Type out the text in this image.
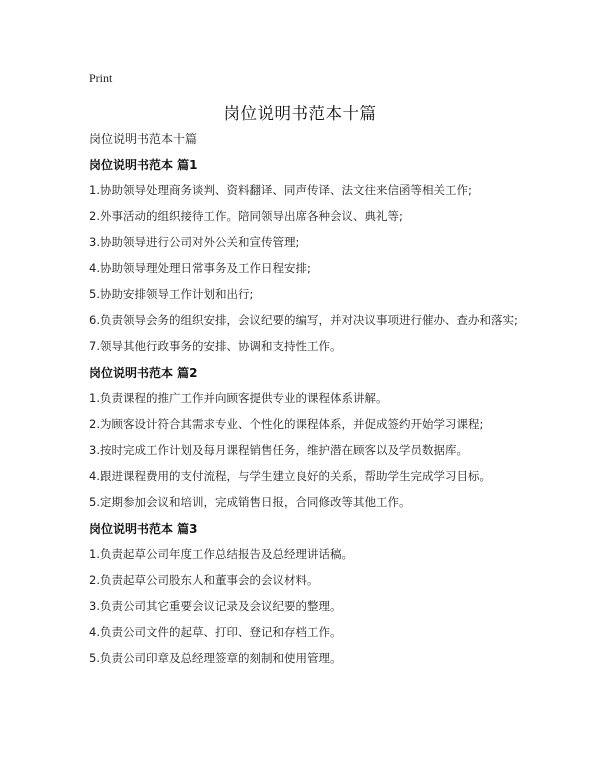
Print
岗位说明书范本十篇
岗位说明书范本十篇
岗位说明书范本 篇1
1.协助领导处理商务谈判、资料翻译、同声传译、法文往来信函等相关工作;
2.外事活动的组织接待工作。陪同领导出席各种会议、典礼等;
3.协助领导进行公司对外公关和宣传管理;
4.协助领导理处理日常事务及工作日程安排;
5.协助安排领导工作计划和出行;
6.负责领导会务的组织安排，会议纪要的编写，并对决议事项进行催办、查办和落实;
7.领导其他行政事务的安排、协调和支持性工作。
岗位说明书范本 篇2
1.负责课程的推广工作并向顾客提供专业的课程体系讲解。
2.为顾客设计符合其需求专业、个性化的课程体系，并促成签约开始学习课程;
3.按时完成工作计划及每月课程销售任务，维护潜在顾客以及学员数据库。
4.跟进课程费用的支付流程，与学生建立良好的关系，帮助学生完成学习目标。
5.定期参加会议和培训，完成销售日报，合同修改等其他工作。
岗位说明书范本 篇3
1.负责起草公司年度工作总结报告及总经理讲话稿。
2.负责起草公司股东人和董事会的会议材料。
3.负责公司其它重要会议记录及会议纪要的整理。
4.负责公司文件的起草、打印、登记和存档工作。
5.负责公司印章及总经理签章的刻制和使用管理。
